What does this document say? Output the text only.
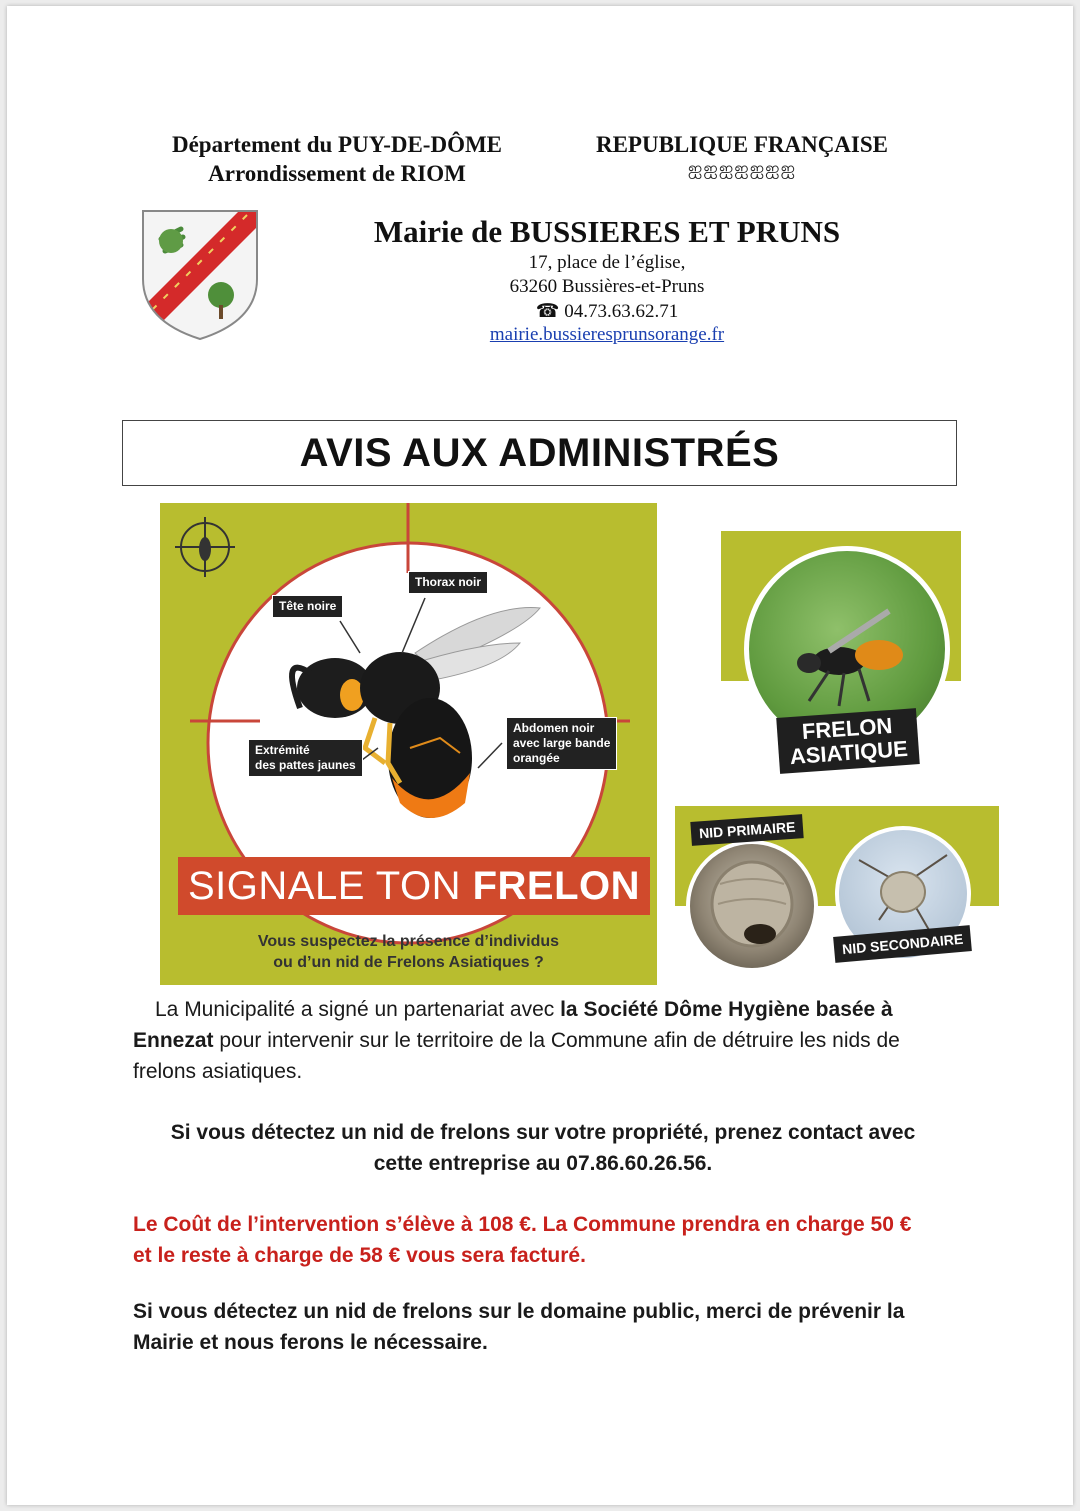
Département du PUY-DE-DÔME
Arrondissement de RIOM
REPUBLIQUE FRANÇAISE
ஐஐஐஐஐஐஐ
Mairie de BUSSIERES ET PRUNS
17, place de l’église,
63260 Bussières-et-Pruns
☎ 04.73.63.62.71
mairie.bussieresprunsorange.fr
AVIS AUX ADMINISTRÉS
Tête noire
Thorax noir
Extrémité
des pattes jaunes
Abdomen noir
avec large bande
orangée
SIGNALE TON
FRELON
Vous suspectez la présence d’individus
ou d’un nid de Frelons Asiatiques ?
FRELON
ASIATIQUE
NID PRIMAIRE
NID SECONDAIRE
La Municipalité a signé un partenariat avec la Société Dôme Hygiène basée à Ennezat pour intervenir sur le territoire de la Commune afin de détruire les nids de frelons asiatiques.
Si vous détectez un nid de frelons sur votre propriété, prenez contact avec
cette entreprise au 07.86.60.26.56.
Le Coût de l’intervention s’élève à 108 €. La Commune prendra en charge 50 €
et le reste à charge de 58 € vous sera facturé.
Si vous détectez un nid de frelons sur le domaine public, merci de prévenir la
Mairie et nous ferons le nécessaire.
